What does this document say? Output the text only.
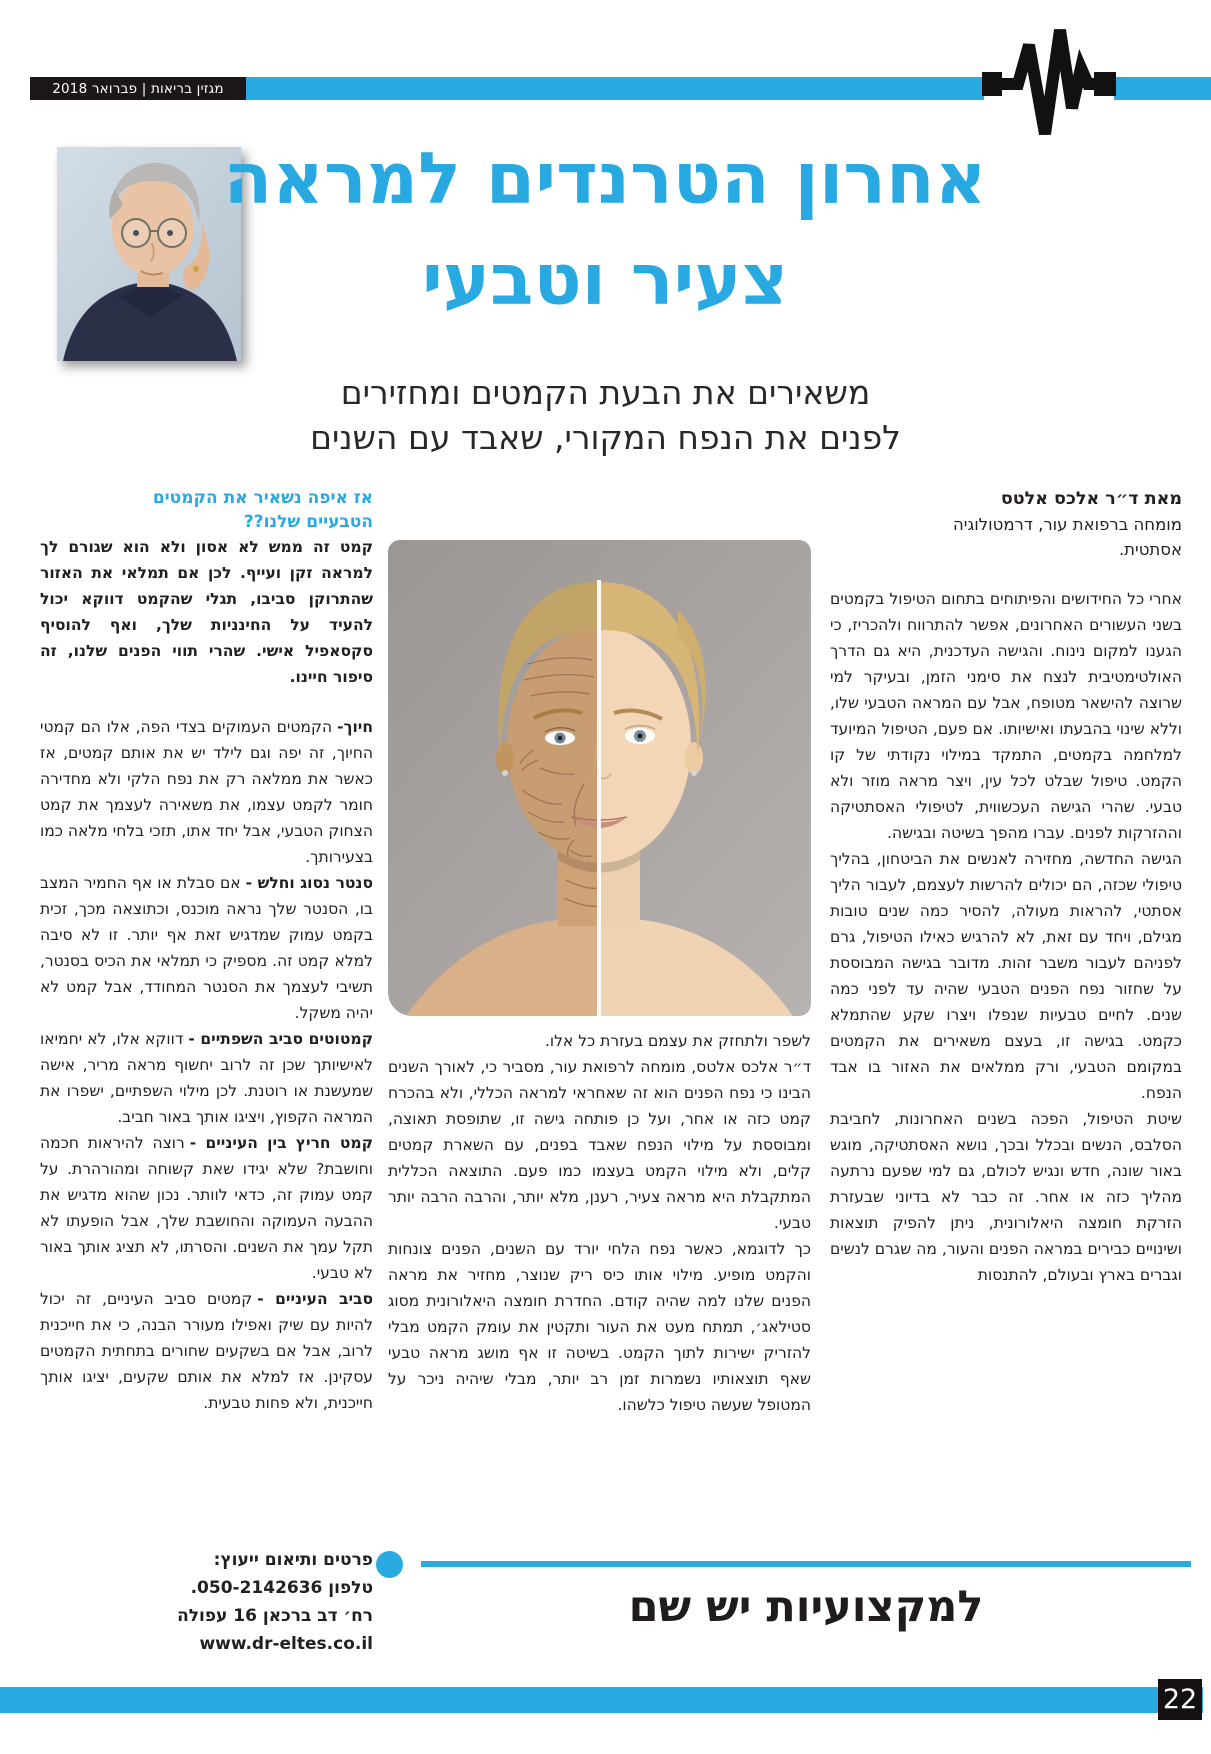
מגזין בריאות | פברואר 2018
אחרון הטרנדים למראה
צעיר וטבעי
משאירים את הבעת הקמטים ומחזירים
לפנים את הנפח המקורי, שאבד עם השנים
מאת ד״ר אלכס אלטס
מומחה ברפואת עור, דרמטולוגיה
אסתטית.

אחרי כל החידושים והפיתוחים בתחום הטיפול בקמטים בשני העשורים האחרונים, אפשר להתרווח ולהכריז, כי הגענו למקום נינוח. והגישה העדכנית, היא גם הדרך האולטימטיבית לנצח את סימני הזמן, ובעיקר למי שרוצה להישאר מטופח, אבל עם המראה הטבעי שלו, וללא שינוי בהבעתו ואישיותו. אם פעם, הטיפול המיועד למלחמה בקמטים, התמקד במילוי נקודתי של קו הקמט. טיפול שבלט לכל עין, ויצר מראה מוזר ולא טבעי. שהרי הגישה העכשווית, לטיפולי האסתטיקה וההזרקות לפנים. עברו מהפך בשיטה ובגישה.

הגישה החדשה, מחזירה לאנשים את הביטחון, בהליך טיפולי שכזה, הם יכולים להרשות לעצמם, לעבור הליך אסתטי, להראות מעולה, להסיר כמה שנים טובות מגילם, ויחד עם זאת, לא להרגיש כאילו הטיפול, גרם לפניהם לעבור משבר זהות. מדובר בגישה המבוססת על שחזור נפח הפנים הטבעי שהיה עד לפני כמה שנים. לחיים טבעיות שנפלו ויצרו שקע שהתמלא כקמט. בגישה זו, בעצם משאירים את הקמטים במקומם הטבעי, ורק ממלאים את האזור בו אבד הנפח.

שיטת הטיפול, הפכה בשנים האחרונות, לחביבת הסלבס, הנשים ובכלל ובכך, נושא האסתטיקה, מוגש באור שונה, חדש ונגיש לכולם, גם למי שפעם נרתעה מהליך כזה או אחר. זה כבר לא בדיוני שבעזרת הזרקת חומצה היאלורונית, ניתן להפיק תוצאות ושינויים כבירים במראה הפנים והעור, מה שגרם לנשים וגברים בארץ ובעולם, להתנסות

לשפר ולתחזק את עצמם בעזרת כל אלו.

ד״ר אלכס אלטס, מומחה לרפואת עור, מסביר כי, לאורך השנים הבינו כי נפח הפנים הוא זה שאחראי למראה הכללי, ולא בהכרח קמט כזה או אחר, ועל כן פותחה גישה זו, שתופסת תאוצה, ומבוססת על מילוי הנפח שאבד בפנים, עם השארת קמטים קלים, ולא מילוי הקמט בעצמו כמו פעם. התוצאה הכללית המתקבלת היא מראה צעיר, רענן, מלא יותר, והרבה הרבה יותר טבעי.

כך לדוגמא, כאשר נפח הלחי יורד עם השנים, הפנים צונחות והקמט מופיע. מילוי אותו כיס ריק שנוצר, מחזיר את מראה הפנים שלנו למה שהיה קודם. החדרת חומצה היאלורונית מסוג סטילאג׳, תמתח מעט את העור ותקטין את עומק הקמט מבלי להזריק ישירות לתוך הקמט. בשיטה זו אף מושג מראה טבעי שאף תוצאותיו נשמרות זמן רב יותר, מבלי שיהיה ניכר על המטופל שעשה טיפול כלשהו.

אז איפה נשאיר את הקמטים
הטבעיים שלנו??

קמט זה ממש לא אסון ולא הוא שגורם לך למראה זקן ועייף. לכן אם תמלאי את האזור שהתרוקן סביבו, תגלי שהקמט דווקא יכול להעיד על החינניות שלך, ואף להוסיף סקסאפיל אישי. שהרי תווי הפנים שלנו, זה סיפור חיינו.

חיוך-הקמטים העמוקים בצדי הפה, אלו הם קמטי החיוך, זה יפה וגם לילד יש את אותם קמטים, אז כאשר את ממלאה רק את נפח הלקי ולא מחדירה חומר לקמט עצמו, את משאירה לעצמך את קמט הצחוק הטבעי, אבל יחד אתו, תזכי בלחי מלאה כמו בצעירותך.

סנטר נסוג וחלש -אם סבלת או אף החמיר המצב בו, הסנטר שלך נראה מוכנס, וכתוצאה מכך, זכית בקמט עמוק שמדגיש זאת אף יותר. זו לא סיבה למלא קמט זה. מספיק כי תמלאי את הכיס בסנטר, תשיבי לעצמך את הסנטר המחודד, אבל קמט לא יהיה משקל.

קמטוטים סביב השפתיים -דווקא אלו, לא יחמיאו לאישיותך שכן זה לרוב יחשוף מראה מריר, אישה שמעשנת או רוטנת. לכן מילוי השפתיים, ישפרו את המראה הקפוץ, ויציגו אותך באור חביב.

קמט חריץ בין העיניים -רוצה להיראות חכמה וחושבת? שלא יגידו שאת קשוחה ומהורהרת. על קמט עמוק זה, כדאי לוותר. נכון שהוא מדגיש את ההבעה העמוקה והחושבת שלך, אבל הופעתו לא תקל עמך את השנים. והסרתו, לא תציג אותך באור לא טבעי.

סביב העיניים -קמטים סביב העיניים, זה יכול להיות עם שיק ואפילו מעורר הבנה, כי את חייכנית לרוב, אבל אם בשקעים שחורים בתחתית הקמטים עסקינן. אז למלא את אותם שקעים, יציגו אותך חייכנית, ולא פחות טבעית.

פרטים ותיאום ייעוץ:
טלפון 050-2142636.
רח׳ דב ברכאן 16 עפולה
www.dr-eltes.co.il
למקצועיות יש שם
22
